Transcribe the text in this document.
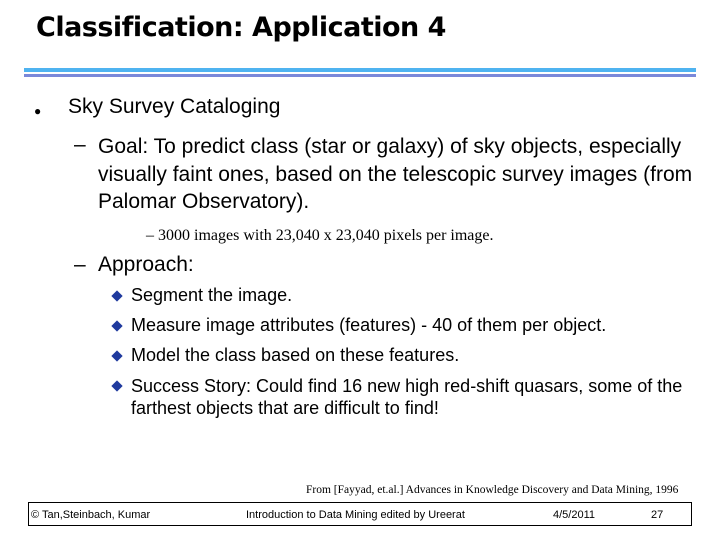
Classification: Application 4
● Sky Survey Cataloging
– Goal: To predict class (star or galaxy) of sky objects, especially visually faint ones, based on the telescopic survey images (from Palomar Observatory).
– 3000 images with 23,040 x 23,040 pixels per image.
– Approach:
Segment the image.
Measure image attributes (features) - 40 of them per object.
Model the class based on these features.
Success Story: Could find 16 new high red-shift quasars, some of the farthest objects that are difficult to find!
From [Fayyad, et.al.] Advances in Knowledge Discovery and Data Mining, 1996
© Tan,Steinbach, Kumar	Introduction to Data Mining edited by Ureerat	4/5/2011	27
